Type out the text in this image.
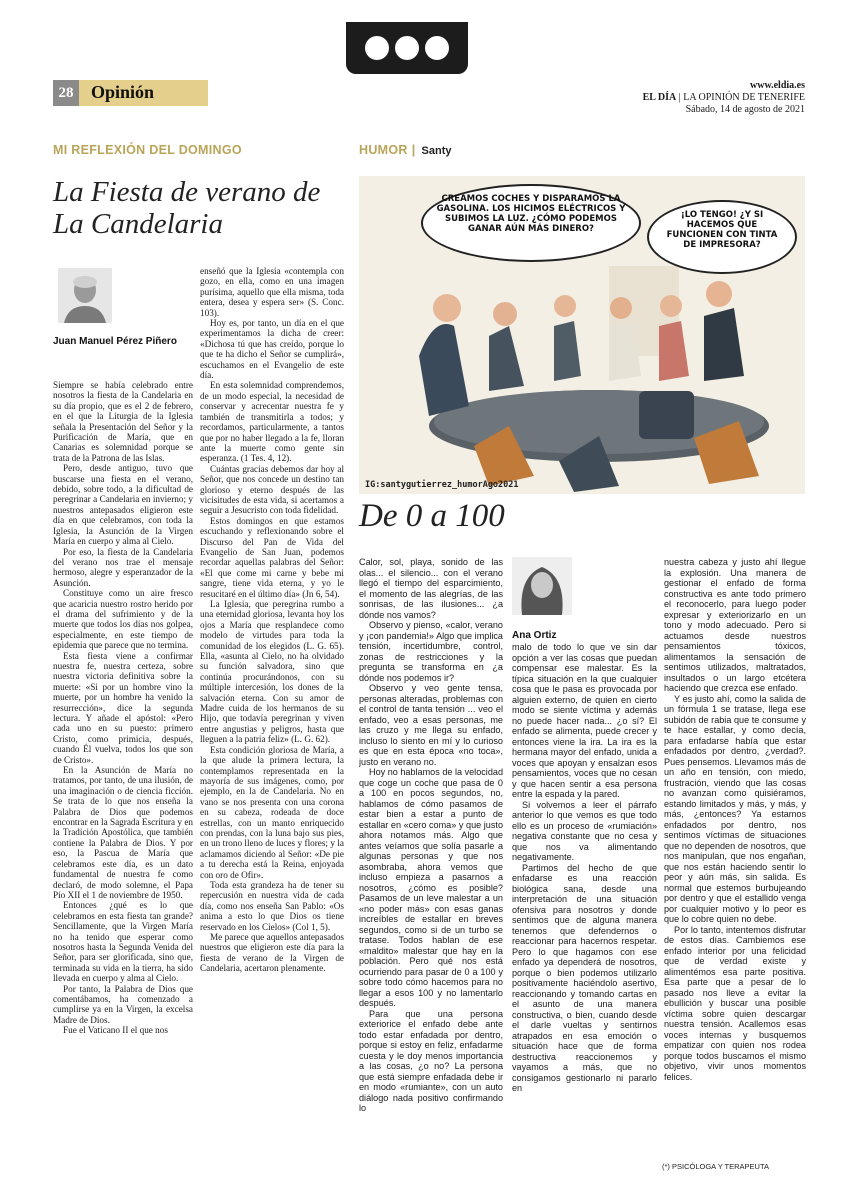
28 Opinión	www.eldia.es
EL DÍA | LA OPINIÓN DE TENERIFE
Sábado, 14 de agosto de 2021
MI REFLEXIÓN DEL DOMINGO
La Fiesta de verano de La Candelaria
Juan Manuel Pérez Piñero

Siempre se había celebrado entre nosotros la fiesta de la Candelaria en su día propio, que es el 2 de febrero, en el que la Liturgia de la Iglesia señala la Presentación del Señor y la Purificación de María, que en Canarias es solemnidad porque se trata de la Patrona de las Islas.

Pero, desde antiguo, tuvo que buscarse una fiesta en el verano, debido, sobre todo, a la dificultad de peregrinar a Candelaria en invierno; y nuestros antepasados eligieron este día en que celebramos, con toda la Iglesia, la Asunción de la Virgen María en cuerpo y alma al Cielo.

Por eso, la fiesta de la Candelaria del verano nos trae el mensaje hermoso, alegre y esperanzador de la Asunción.

Constituye como un aire fresco que acaricia nuestro rostro herido por el drama del sufrimiento y de la muerte que todos los días nos golpea, especialmente, en este tiempo de epidemia que parece que no termina.

Esta fiesta viene a confirmar nuestra fe, nuestra certeza, sobre nuestra victoria definitiva sobre la muerte: «Si por un hombre vino la muerte, por un hombre ha venido la resurrección», dice la segunda lectura. Y añade el apóstol: «Pero cada uno en su puesto: primero Cristo, como primicia, después, cuando Él vuelva, todos los que son de Cristo».

En la Asunción de María no tratamos, por tanto, de una ilusión, de una imaginación o de ciencia ficción. Se trata de lo que nos enseña la Palabra de Dios que podemos encontrar en la Sagrada Escritura y en la Tradición Apostólica, que también contiene la Palabra de Dios. Y por eso, la Pascua de María que celebramos este día, es un dato fundamental de nuestra fe como declaró, de modo solemne, el Papa Pío XII el 1 de noviembre de 1950.

Entonces ¿qué es lo que celebramos en esta fiesta tan grande? Sencillamente, que la Virgen María no ha tenido que esperar como nosotros hasta la Segunda Venida del Señor, para ser glorificada, sino que, terminada su vida en la tierra, ha sido llevada en cuerpo y alma al Cielo.

Por tanto, la Palabra de Dios que comentábamos, ha comenzado a cumplirse ya en la Virgen, la excelsa Madre de Dios.

Fue el Vaticano II el que nos

enseñó que la Iglesia «contempla con gozo, en ella, como en una imagen purísima, aquello que ella misma, toda entera, desea y espera ser» (S. Conc. 103).

Hoy es, por tanto, un día en el que experimentamos la dicha de creer: «Dichosa tú que has creído, porque lo que te ha dicho el Señor se cumplirá», escuchamos en el Evangelio de este día.

En esta solemnidad comprendemos, de un modo especial, la necesidad de conservar y acrecentar nuestra fe y también de transmitirla a todos; y recordamos, particularmente, a tantos que por no haber llegado a la fe, lloran ante la muerte como gente sin esperanza. (1 Tes. 4, 12).

Cuántas gracias debemos dar hoy al Señor, que nos concede un destino tan glorioso y eterno después de las vicisitudes de esta vida, si acertamos a seguir a Jesucristo con toda fidelidad.

Estos domingos en que estamos escuchando y reflexionando sobre el Discurso del Pan de Vida del Evangelio de San Juan, podemos recordar aquellas palabras del Señor: «El que come mi carne y bebe mi sangre, tiene vida eterna, y yo le resucitaré en el último día» (Jn 6, 54).

La Iglesia, que peregrina rumbo a una eternidad gloriosa, levanta hoy los ojos a María que resplandece como modelo de virtudes para toda la comunidad de los elegidos (L. G. 65). Ella, «asunta al Cielo, no ha olvidado su función salvadora, sino que continúa procurándonos, con su múltiple intercesión, los dones de la salvación eterna. Con su amor de Madre cuida de los hermanos de su Hijo, que todavía peregrinan y viven entre angustias y peligros, hasta que lleguen a la patria feliz» (L. G. 62).

Esta condición gloriosa de María, a la que alude la primera lectura, la contemplamos representada en la mayoría de sus imágenes, como, por ejemplo, en la de Candelaria. No en vano se nos presenta con una corona en su cabeza, rodeada de doce estrellas, con un manto enriquecido con prendas, con la luna bajo sus pies, en un trono lleno de luces y flores; y la aclamamos diciendo al Señor: «De pie a tu derecha está la Reina, enjoyada con oro de Ofir».

Toda esta grandeza ha de tener su repercusión en nuestra vida de cada día, como nos enseña San Pablo: «Os anima a esto lo que Dios os tiene reservado en los Cielos» (Col 1, 5).

Me parece que aquellos antepasados nuestros que eligieron este día para la fiesta de verano de la Virgen de Candelaria, acertaron plenamente.

HUMOR | Santy
CREAMOS COCHES Y DISPARAMOS LA GASOLINA. LOS HICIMOS ELÉCTRICOS Y SUBIMOS LA LUZ. ¿CÓMO PODEMOS GANAR AÚN MÁS DINERO?
¡LO TENGO! ¿Y SI HACEMOS QUE FUNCIONEN CON TINTA DE IMPRESORA?
IG:santygutierrez_humorAgo2021
De 0 a 100

Calor, sol, playa, sonido de las olas... el silencio... con el verano llegó el tiempo del esparcimiento, el momento de las alegrías, de las sonrisas, de las ilusiones... ¿a dónde nos vamos?

Observo y pienso, «calor, verano y ¡con pandemia!» Algo que implica tensión, incertidumbre, control, zonas de restricciones y la pregunta se transforma en ¿a dónde nos podemos ir?

Observo y veo gente tensa, personas alteradas, problemas con el control de tanta tensión ... veo el enfado, veo a esas personas, me las cruzo y me llega su enfado, incluso lo siento en mí y lo curioso es que en esta época «no toca», justo en verano no.

Hoy no hablamos de la velocidad que coge un coche que pasa de 0 a 100 en pocos segundos, no, hablamos de cómo pasamos de estar bien a estar a punto de estallar en «cero coma» y que justo ahora notamos más. Algo que antes veíamos que solía pasarle a algunas personas y que nos asombraba, ahora vemos que incluso empieza a pasarnos a nosotros, ¿cómo es posible? Pasamos de un leve malestar a un «no poder más» con esas ganas increíbles de estallar en breves segundos, como si de un turbo se tratase. Todos hablan de ese «maldito» malestar que hay en la población. Pero qué nos está ocurriendo para pasar de 0 a 100 y sobre todo cómo hacemos para no llegar a esos 100 y no lamentarlo después.

Para que una persona exteriorice el enfado debe ante todo estar enfadada por dentro, porque si estoy en feliz, enfadarme cuesta y le doy menos importancia a las cosas, ¿o no? La persona que está siempre enfadada debe ir en modo «rumiante», con un auto diálogo nada positivo confirmando lo

Ana Ortiz

malo de todo lo que ve sin dar opción a ver las cosas que puedan compensar ese malestar. Es la típica situación en la que cualquier cosa que le pasa es provocada por alguien externo, de quien en cierto modo se siente víctima y además no puede hacer nada... ¿o sí? El enfado se alimenta, puede crecer y entonces viene la ira. La ira es la hermana mayor del enfado, unida a voces que apoyan y ensalzan esos pensamientos, voces que no cesan y que hacen sentir a esa persona entre la espada y la pared.

Si volvemos a leer el párrafo anterior lo que vemos es que todo ello es un proceso de «rumiación» negativa constante que no cesa y que nos va alimentando negativamente.

Partimos del hecho de que enfadarse es una reacción biológica sana, desde una interpretación de una situación ofensiva para nosotros y donde sentimos que de alguna manera tenemos que defendernos o reaccionar para hacernos respetar. Pero lo que hagamos con ese enfado ya dependerá de nosotros, porque o bien podemos utilizarlo positivamente haciéndolo asertivo, reaccionando y tomando cartas en el asunto de una manera constructiva, o bien, cuando desde el darle vueltas y sentirnos atrapados en esa emoción o situación hace que de forma destructiva reaccionemos y vayamos a más, que no consigamos gestionarlo ni pararlo en

nuestra cabeza y justo ahí llegue la explosión. Una manera de gestionar el enfado de forma constructiva es ante todo primero el reconocerlo, para luego poder expresar y exteriorizarlo en un tono y modo adecuado. Pero si actuamos desde nuestros pensamientos tóxicos, alimentamos la sensación de sentimos utilizados, maltratados, insultados o un largo etcétera haciendo que crezca ese enfado.

Y es justo ahí, como la salida de un fórmula 1 se tratase, llega ese subidón de rabia que te consume y te hace estallar, y como decía, para enfadarse había que estar enfadados por dentro, ¿verdad?. Pues pensemos. Llevamos más de un año en tensión, con miedo, frustración, viendo que las cosas no avanzan como quisiéramos, estando limitados y más, y más, y más, ¿entonces? Ya estamos enfadados por dentro, nos sentimos víctimas de situaciones que no dependen de nosotros, que nos manipulan, que nos engañan, que nos están haciendo sentir lo peor y aún más, sin salida. Es normal que estemos burbujeando por dentro y que el estallido venga por cualquier motivo y lo peor es que lo cobre quien no debe.

Por lo tanto, intentemos disfrutar de estos días. Cambiemos ese enfado interior por una felicidad que de verdad existe y alimentémos esa parte positiva. Esa parte que a pesar de lo pasado nos lleve a evitar la ebullición y buscar una posible víctima sobre quien descargar nuestra tensión. Acallemos esas voces internas y busquemos empatizar con quien nos rodea porque todos buscamos el mismo objetivo, vivir unos momentos felices.

(*) PSICÓLOGA Y TERAPEUTA
